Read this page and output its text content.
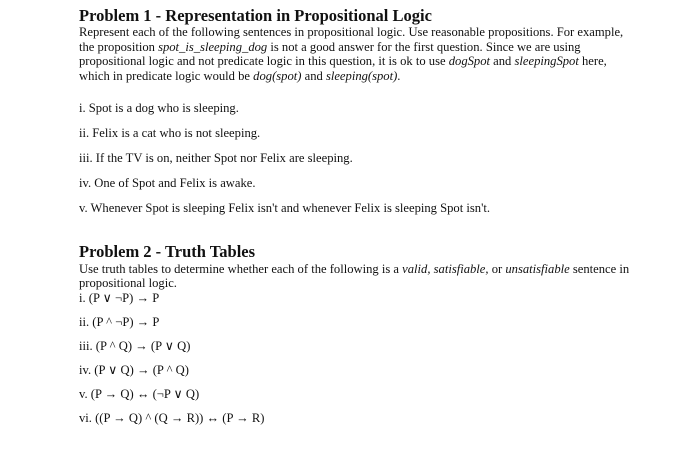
Problem 1 - Representation in Propositional Logic

Represent each of the following sentences in propositional logic. Use reasonable propositions. For example, the proposition spot_is_sleeping_dog is not a good answer for the first question. Since we are using propositional logic and not predicate logic in this question, it is ok to use dogSpot and sleepingSpot here, which in predicate logic would be dog(spot) and sleeping(spot).

i. Spot is a dog who is sleeping.
ii. Felix is a cat who is not sleeping.
iii. If the TV is on, neither Spot nor Felix are sleeping.
iv. One of Spot and Felix is awake.
v. Whenever Spot is sleeping Felix isn't and whenever Felix is sleeping Spot isn't.
Problem 2 - Truth Tables

Use truth tables to determine whether each of the following is a valid, satisfiable, or unsatisfiable sentence in propositional logic.

i. (P ∨ ¬P) → P
ii. (P ^ ¬P) → P
iii. (P ^ Q) → (P ∨ Q)
iv. (P ∨ Q) → (P ^ Q)
v. (P → Q) ↔ (¬P ∨ Q)
vi. ((P → Q) ^ (Q → R)) ↔ (P → R)
